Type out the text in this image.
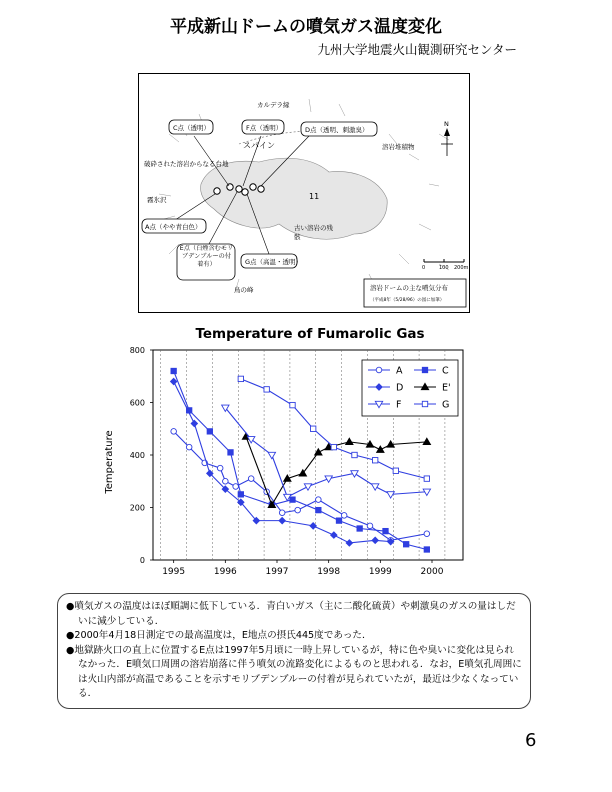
平成新山ドームの噴気ガス温度変化
九州大学地震火山観測研究センター
C点（透明）	F点（透明）	D点（透明、刺激臭）
カルデラ縁
スパイン
破砕された溶岩からなる台地
霧氷沢
A点（やや青白色）
E点（白煙含むモリブデンブルーの付着有）	G点（高温・透明）
溶岩堆積物
古い溶岩の残骸
11
鳥の峰
N
0	100 200m
溶岩ドームの主な噴気分布
（平成8年（5/28/96）の図に加筆）
Temperature of Fumarolic Gas
Temperature
0
200
400
600
800
1995	1996	1997	1998	1999	2000
A	C
D	E'
F	G
●噴気ガスの温度はほぼ順調に低下している．青白いガス（主に二酸化硫黄）や刺激臭のガスの量はしだいに減少している．
●2000年4月18日測定での最高温度は，E地点の摂氏445度であった．
●地獄跡火口の直上に位置するE点は1997年5月頃に一時上昇しているが，特に色や臭いに変化は見られなかった．E噴気口周囲の溶岩崩落に伴う噴気の流路変化によるものと思われる．なお，E噴気孔周囲には火山内部が高温であることを示すモリブデンブルーの付着が見られていたが，最近は少なくなっている．
6
